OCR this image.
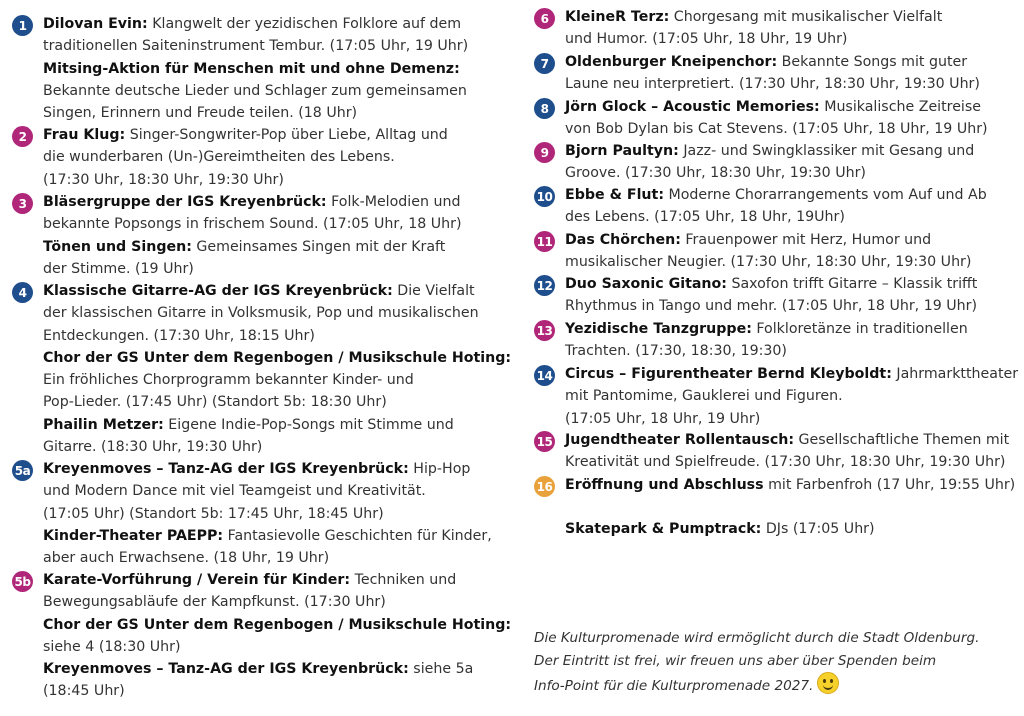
1	Dilovan Evin: Klangwelt der yezidischen Folklore auf dem
traditionellen Saiteninstrument Tembur. (17:05 Uhr, 19 Uhr)
Mitsing-Aktion für Menschen mit und ohne Demenz:
Bekannte deutsche Lieder und Schlager zum gemeinsamen
Singen, Erinnern und Freude teilen. (18 Uhr)
2	Frau Klug: Singer-Songwriter-Pop über Liebe, Alltag und
die wunderbaren (Un-)Gereimtheiten des Lebens.
(17:30 Uhr, 18:30 Uhr, 19:30 Uhr)
3	Bläsergruppe der IGS Kreyenbrück: Folk-Melodien und
bekannte Popsongs in frischem Sound. (17:05 Uhr, 18 Uhr)
Tönen und Singen: Gemeinsames Singen mit der Kraft
der Stimme. (19 Uhr)
4	Klassische Gitarre-AG der IGS Kreyenbrück: Die Vielfalt
der klassischen Gitarre in Volksmusik, Pop und musikalischen
Entdeckungen. (17:30 Uhr, 18:15 Uhr)
Chor der GS Unter dem Regenbogen / Musikschule Hoting:
Ein fröhliches Chorprogramm bekannter Kinder- und
Pop-Lieder. (17:45 Uhr) (Standort 5b: 18:30 Uhr)
Phailin Metzer: Eigene Indie-Pop-Songs mit Stimme und
Gitarre. (18:30 Uhr, 19:30 Uhr)
5a Kreyenmoves – Tanz-AG der IGS Kreyenbrück: Hip-Hop
und Modern Dance mit viel Teamgeist und Kreativität.
(17:05 Uhr) (Standort 5b: 17:45 Uhr, 18:45 Uhr)
Kinder-Theater PAEPP: Fantasievolle Geschichten für Kinder,
aber auch Erwachsene. (18 Uhr, 19 Uhr)
5b Karate-Vorführung / Verein für Kinder: Techniken und
Bewegungsabläufe der Kampfkunst. (17:30 Uhr)
Chor der GS Unter dem Regenbogen / Musikschule Hoting:
siehe 4 (18:30 Uhr)
Kreyenmoves – Tanz-AG der IGS Kreyenbrück: siehe 5a
(18:45 Uhr)
6	KleineR Terz: Chorgesang mit musikalischer Vielfalt
und Humor. (17:05 Uhr, 18 Uhr, 19 Uhr)
7	Oldenburger Kneipenchor: Bekannte Songs mit guter
Laune neu interpretiert. (17:30 Uhr, 18:30 Uhr, 19:30 Uhr)
8	Jörn Glock – Acoustic Memories: Musikalische Zeitreise
von Bob Dylan bis Cat Stevens. (17:05 Uhr, 18 Uhr, 19 Uhr)
9	Bjorn Paultyn: Jazz- und Swingklassiker mit Gesang und
Groove. (17:30 Uhr, 18:30 Uhr, 19:30 Uhr)
10 Ebbe & Flut: Moderne Chorarrangements vom Auf und Ab
des Lebens. (17:05 Uhr, 18 Uhr, 19Uhr)
11 Das Chörchen: Frauenpower mit Herz, Humor und
musikalischer Neugier. (17:30 Uhr, 18:30 Uhr, 19:30 Uhr)
12 Duo Saxonic Gitano: Saxofon trifft Gitarre – Klassik trifft
Rhythmus in Tango und mehr. (17:05 Uhr, 18 Uhr, 19 Uhr)
13 Yezidische Tanzgruppe: Folkloretänze in traditionellen
Trachten. (17:30, 18:30, 19:30)
14 Circus – Figurentheater Bernd Kleyboldt: Jahrmarkttheater
mit Pantomime, Gauklerei und Figuren.
(17:05 Uhr, 18 Uhr, 19 Uhr)
15 Jugendtheater Rollentausch: Gesellschaftliche Themen mit
Kreativität und Spielfreude. (17:30 Uhr, 18:30 Uhr, 19:30 Uhr)
16 Eröffnung und Abschluss mit Farbenfroh (17 Uhr, 19:55 Uhr)
Skatepark & Pumptrack: DJs (17:05 Uhr)
Die Kulturpromenade wird ermöglicht durch die Stadt Oldenburg.
Der Eintritt ist frei, wir freuen uns aber über Spenden beim
Info-Point für die Kulturpromenade 2027.
